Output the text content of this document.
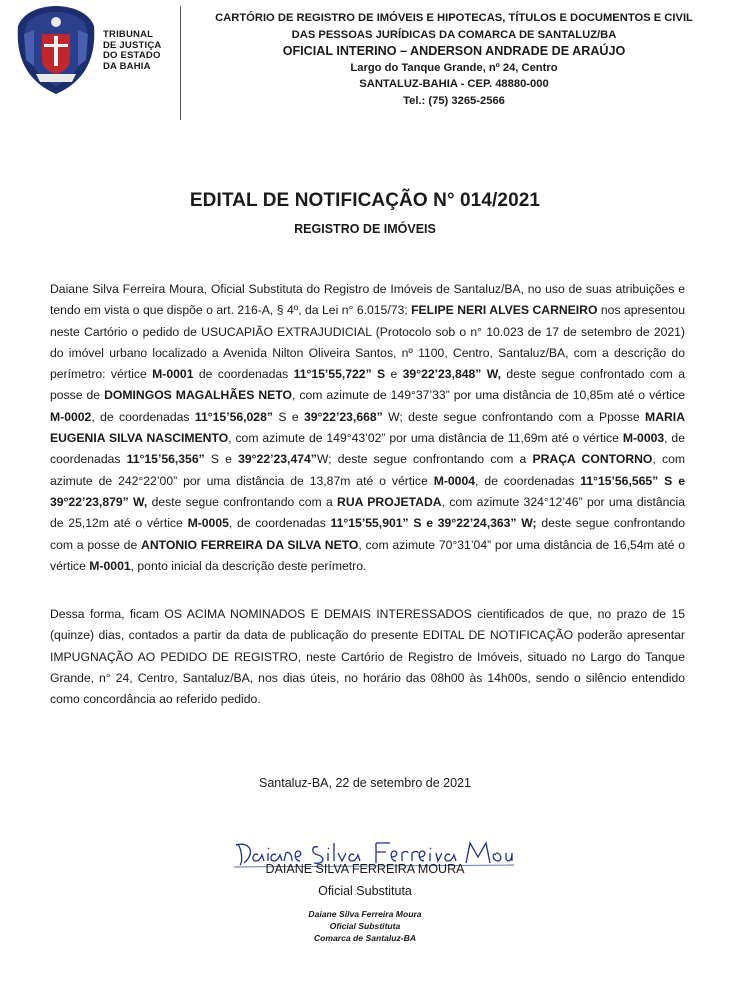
TRIBUNAL
DE JUSTIÇA
DO ESTADO
DA BAHIA
CARTÓRIO DE REGISTRO DE IMÓVEIS E HIPOTECAS, TÍTULOS E DOCUMENTOS E CIVIL
DAS PESSOAS JURÍDICAS DA COMARCA DE SANTALUZ/BA
OFICIAL INTERINO – ANDERSON ANDRADE DE ARAÚJO
Largo do Tanque Grande, nº 24, Centro
SANTALUZ-BAHIA - CEP. 48880-000
Tel.: (75) 3265-2566
EDITAL DE NOTIFICAÇÃO N° 014/2021
REGISTRO DE IMÓVEIS
Daiane Silva Ferreira Moura, Oficial Substituta do Registro de Imóveis de Santaluz/BA, no uso de suas atribuições e tendo em vista o que dispõe o art. 216-A, § 4º, da Lei n° 6.015/73; FELIPE NERI ALVES CARNEIRO nos apresentou neste Cartório o pedido de USUCAPIÃO EXTRAJUDICIAL (Protocolo sob o n° 10.023 de 17 de setembro de 2021) do imóvel urbano localizado a Avenida Nilton Oliveira Santos, nº 1100, Centro, Santaluz/BA, com a descrição do perímetro: vértice M-0001 de coordenadas 11°15’55,722” S e 39°22’23,848” W, deste segue confrontado com a posse de DOMINGOS MAGALHÃES NETO, com azimute de 149°37’33” por uma distância de 10,85m até o vértice M-0002, de coordenadas 11°15’56,028” S e 39°22’23,668” W; deste segue confrontando com a Pposse MARIA EUGENIA SILVA NASCIMENTO, com azimute de 149°43’02” por uma distância de 11,69m até o vértice M-0003, de coordenadas 11°15’56,356” S e 39°22’23,474”W; deste segue confrontando com a PRAÇA CONTORNO, com azimute de 242°22’00” por uma distância de 13,87m até o vértice M-0004, de coordenadas 11°15’56,565” S e 39°22’23,879” W, deste segue confrontando com a RUA PROJETADA, com azimute 324°12’46” por uma distância de 25,12m até o vértice M-0005, de coordenadas 11°15’55,901” S e 39°22’24,363” W; deste segue confrontando com a posse de ANTONIO FERREIRA DA SILVA NETO, com azimute 70°31’04” por uma distância de 16,54m até o vértice M-0001, ponto inicial da descrição deste perímetro.
Dessa forma, ficam OS ACIMA NOMINADOS E DEMAIS INTERESSADOS cientificados de que, no prazo de 15 (quinze) dias, contados a partir da data de publicação do presente EDITAL DE NOTIFICAÇÃO poderão apresentar IMPUGNAÇÃO AO PEDIDO DE REGISTRO, neste Cartório de Registro de Imóveis, situado no Largo do Tanque Grande, n° 24, Centro, Santaluz/BA, nos dias úteis, no horário das 08h00 às 14h00s, sendo o silêncio entendido como concordância ao referido pedido.
Santaluz-BA, 22 de setembro de 2021
DAIANE SILVA FERREIRA MOURA
Oficial Substituta
Daiane Silva Ferreira Moura
Oficial Substituta
Comarca de Santaluz-BA
